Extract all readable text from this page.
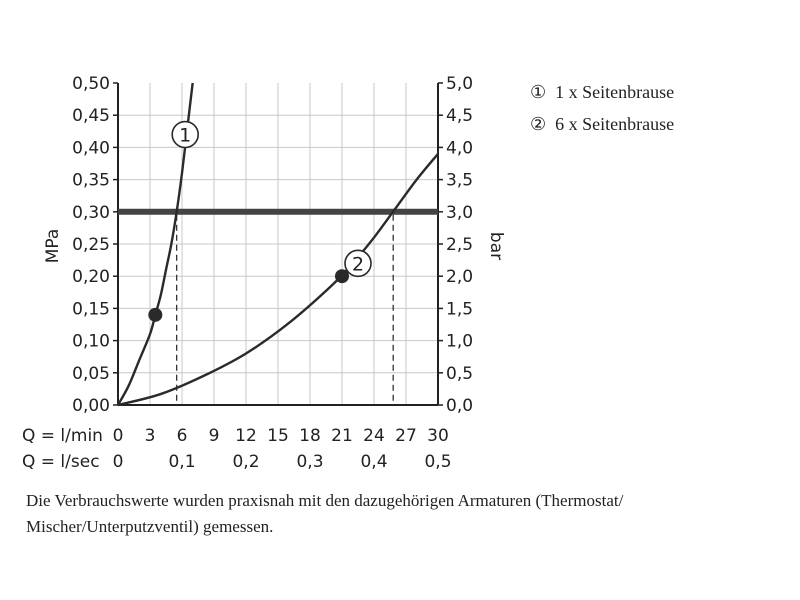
1
2
0,00	0,0
0,05	0,5
0,10	1,0
0,15	1,5
0,20	2,0
0,25	2,5
0,30	3,0
0,35	3,5
0,40	4,0
0,45	4,5
0,50	5,0
0 3 6 9 12 15 18 21 24 27 30
0	0,1 0,2 0,3 0,4 0,5
MPa	bar
Q = l/min
Q = l/sec
① 1 x Seitenbrause
② 6 x Seitenbrause
Die Verbrauchswerte wurden praxisnah mit den dazugehörigen Armaturen (Thermostat/ Mischer/Unterputzventil) gemessen.
